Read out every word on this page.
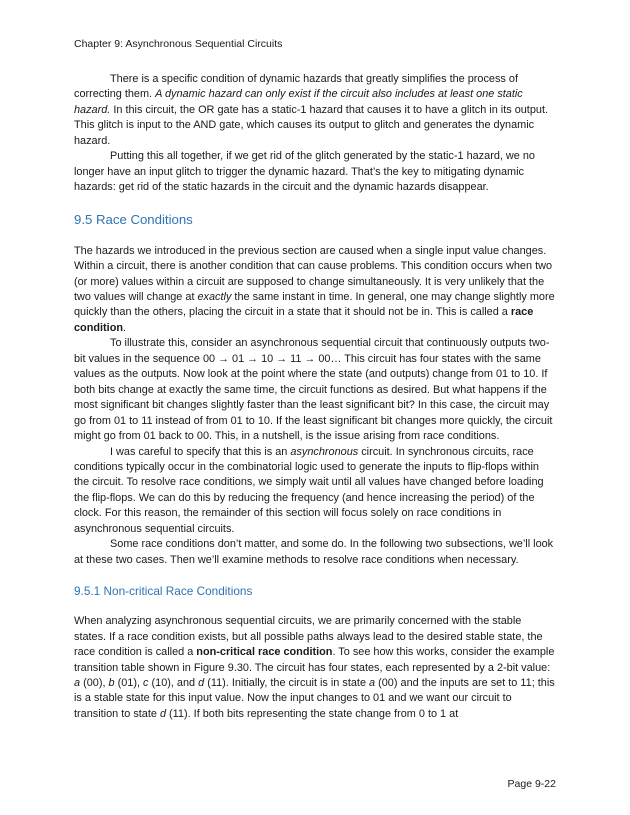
Chapter 9: Asynchronous Sequential Circuits

There is a specific condition of dynamic hazards that greatly simplifies the process of correcting them. A dynamic hazard can only exist if the circuit also includes at least one static hazard. In this circuit, the OR gate has a static-1 hazard that causes it to have a glitch in its output. This glitch is input to the AND gate, which causes its output to glitch and generates the dynamic hazard.

Putting this all together, if we get rid of the glitch generated by the static-1 hazard, we no longer have an input glitch to trigger the dynamic hazard. That’s the key to mitigating dynamic hazards: get rid of the static hazards in the circuit and the dynamic hazards disappear.

9.5 Race Conditions

The hazards we introduced in the previous section are caused when a single input value changes. Within a circuit, there is another condition that can cause problems. This condition occurs when two (or more) values within a circuit are supposed to change simultaneously. It is very unlikely that the two values will change at exactly the same instant in time. In general, one may change slightly more quickly than the others, placing the circuit in a state that it should not be in. This is called a race condition.

To illustrate this, consider an asynchronous sequential circuit that continuously outputs two-bit values in the sequence 00 → 01 → 10 → 11 → 00… This circuit has four states with the same values as the outputs. Now look at the point where the state (and outputs) change from 01 to 10. If both bits change at exactly the same time, the circuit functions as desired. But what happens if the most significant bit changes slightly faster than the least significant bit? In this case, the circuit may go from 01 to 11 instead of from 01 to 10. If the least significant bit changes more quickly, the circuit might go from 01 back to 00. This, in a nutshell, is the issue arising from race conditions.

I was careful to specify that this is an asynchronous circuit. In synchronous circuits, race conditions typically occur in the combinatorial logic used to generate the inputs to flip-flops within the circuit. To resolve race conditions, we simply wait until all values have changed before loading the flip-flops. We can do this by reducing the frequency (and hence increasing the period) of the clock. For this reason, the remainder of this section will focus solely on race conditions in asynchronous sequential circuits.

Some race conditions don’t matter, and some do. In the following two subsections, we’ll look at these two cases. Then we’ll examine methods to resolve race conditions when necessary.

9.5.1 Non-critical Race Conditions

When analyzing asynchronous sequential circuits, we are primarily concerned with the stable states. If a race condition exists, but all possible paths always lead to the desired stable state, the race condition is called a non-critical race condition. To see how this works, consider the example transition table shown in Figure 9.30. The circuit has four states, each represented by a 2-bit value: a (00), b (01), c (10), and d (11). Initially, the circuit is in state a (00) and the inputs are set to 11; this is a stable state for this input value. Now the input changes to 01 and we want our circuit to transition to state d (11). If both bits representing the state change from 0 to 1 at

Page 9-22
